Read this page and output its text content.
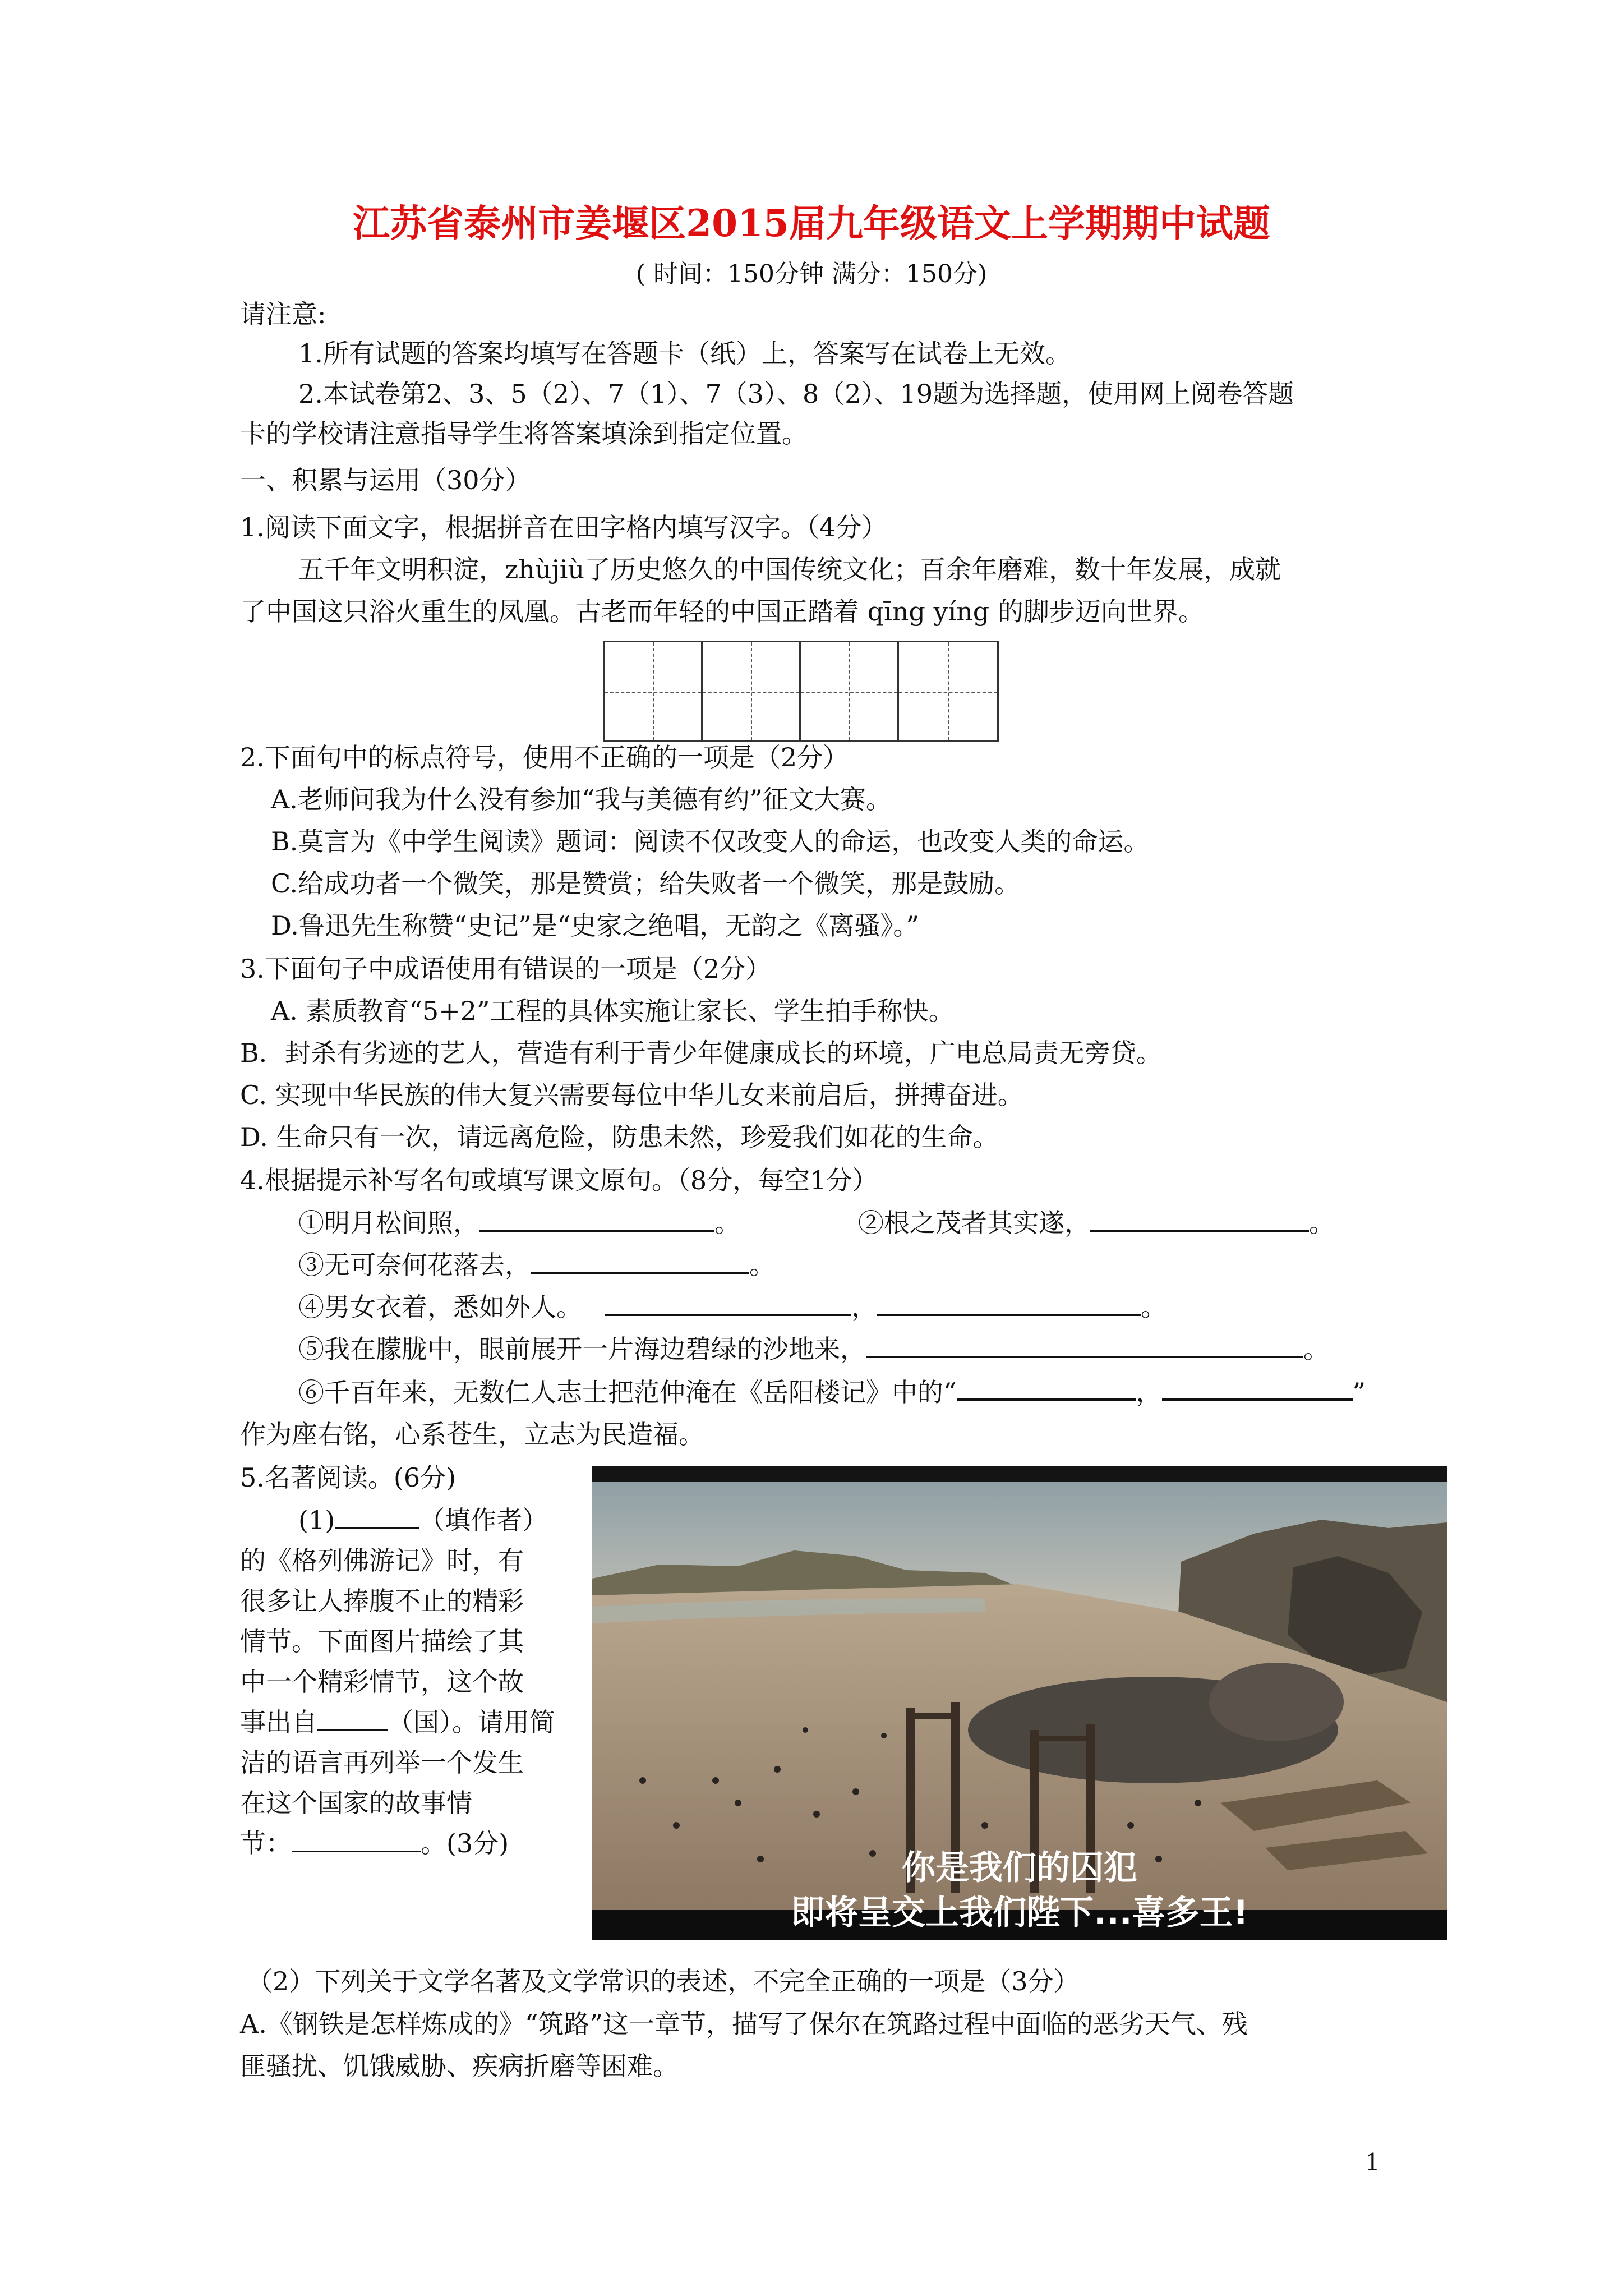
江苏省泰州市姜堰区2015届九年级语文上学期期中试题
( 时间：150分钟 满分：150分)
请注意:
1.所有试题的答案均填写在答题卡（纸）上，答案写在试卷上无效。
2.本试卷第2、3、5（2）、7（1）、7（3）、8（2）、19题为选择题，使用网上阅卷答题
卡的学校请注意指导学生将答案填涂到指定位置。
一、积累与运用（30分）
1.阅读下面文字，根据拼音在田字格内填写汉字。（4分）
五千年文明积淀，zhùjiù了历史悠久的中国传统文化；百余年磨难，数十年发展，成就
了中国这只浴火重生的凤凰。古老而年轻的中国正踏着 qīng yíng 的脚步迈向世界。
2.下面句中的标点符号，使用不正确的一项是（2分）
A.老师问我为什么没有参加“我与美德有约”征文大赛。
B.莫言为《中学生阅读》题词：阅读不仅改变人的命运，也改变人类的命运。
C.给成功者一个微笑，那是赞赏；给失败者一个微笑，那是鼓励。
D.鲁迅先生称赞“史记”是“史家之绝唱，无韵之《离骚》。”
3.下面句子中成语使用有错误的一项是（2分）
A. 素质教育“5+2”工程的具体实施让家长、学生拍手称快。
B．封杀有劣迹的艺人，营造有利于青少年健康成长的环境，广电总局责无旁贷。
C. 实现中华民族的伟大复兴需要每位中华儿女来前启后，拼搏奋进。
D. 生命只有一次，请远离危险，防患未然，珍爱我们如花的生命。
4.根据提示补写名句或填写课文原句。（8分，每空1分）
①明月松间照，	。	②根之茂者其实遂，	。
③无可奈何花落去，	。
④男女衣着，悉如外人。	，	。
⑤我在朦胧中，眼前展开一片海边碧绿的沙地来，	。
⑥千百年来，无数仁人志士把范仲淹在《岳阳楼记》中的“	，	”
作为座右铭，心系苍生，立志为民造福。
5.名著阅读。(6分)
(1)	（填作者）
的《格列佛游记》时，有
很多让人捧腹不止的精彩
情节。下面图片描绘了其
中一个精彩情节，这个故
事出自	（国）。请用简
洁的语言再列举一个发生
在这个国家的故事情
节：	。(3分)
你是我们的囚犯
即将呈交上我们陛下...喜多王!
（2）下列关于文学名著及文学常识的表述，不完全正确的一项是（3分）
A.《钢铁是怎样炼成的》“筑路”这一章节，描写了保尔在筑路过程中面临的恶劣天气、残
匪骚扰、饥饿威胁、疾病折磨等困难。
1
